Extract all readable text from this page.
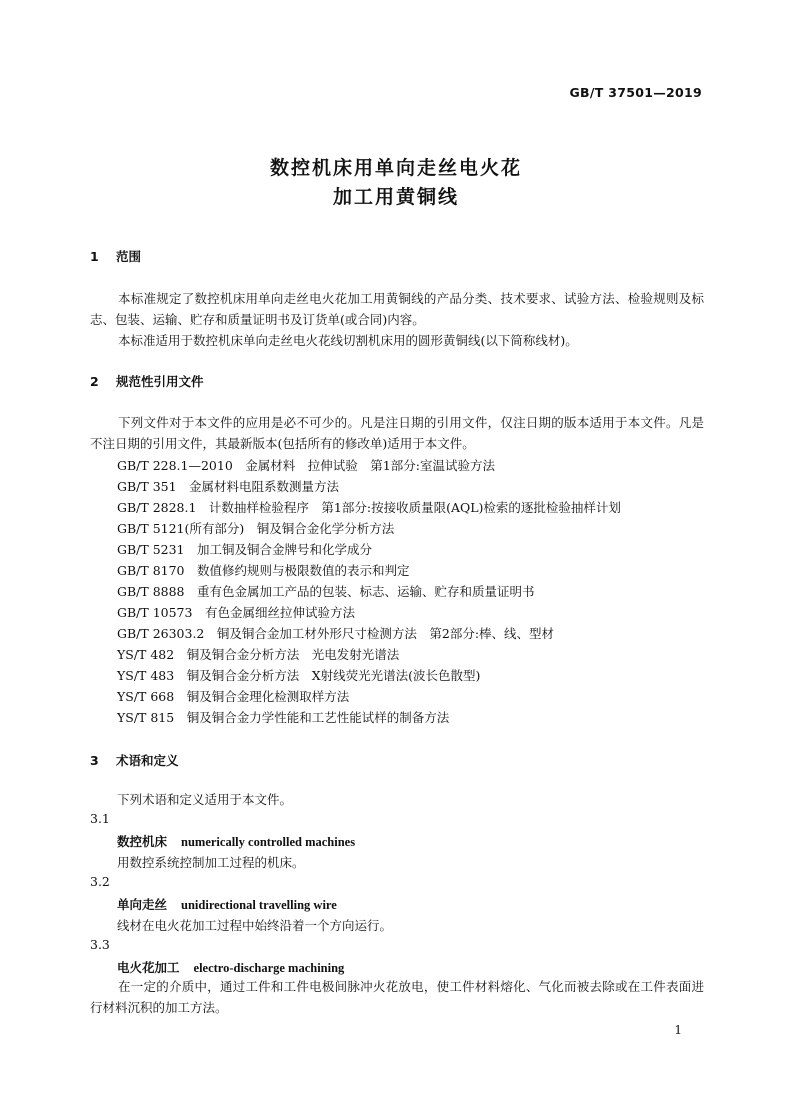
GB/T 37501—2019
数控机床用单向走丝电火花
加工用黄铜线
1 范围
本标准规定了数控机床用单向走丝电火花加工用黄铜线的产品分类、技术要求、试验方法、检验规则及标志、包装、运输、贮存和质量证明书及订货单(或合同)内容。
本标准适用于数控机床单向走丝电火花线切割机床用的圆形黄铜线(以下简称线材)。
2 规范性引用文件
下列文件对于本文件的应用是必不可少的。凡是注日期的引用文件，仅注日期的版本适用于本文件。凡是不注日期的引用文件，其最新版本(包括所有的修改单)适用于本文件。
GB/T 228.1—2010　金属材料　拉伸试验　第1部分:室温试验方法
GB/T 351　金属材料电阻系数测量方法
GB/T 2828.1　计数抽样检验程序　第1部分:按接收质量限(AQL)检索的逐批检验抽样计划
GB/T 5121(所有部分)　铜及铜合金化学分析方法
GB/T 5231　加工铜及铜合金牌号和化学成分
GB/T 8170　数值修约规则与极限数值的表示和判定
GB/T 8888　重有色金属加工产品的包装、标志、运输、贮存和质量证明书
GB/T 10573　有色金属细丝拉伸试验方法
GB/T 26303.2　铜及铜合金加工材外形尺寸检测方法　第2部分:棒、线、型材
YS/T 482　铜及铜合金分析方法　光电发射光谱法
YS/T 483　铜及铜合金分析方法　X射线荧光光谱法(波长色散型)
YS/T 668　铜及铜合金理化检测取样方法
YS/T 815　铜及铜合金力学性能和工艺性能试样的制备方法
3 术语和定义
下列术语和定义适用于本文件。
3.1
数控机床 numerically controlled machines
用数控系统控制加工过程的机床。
3.2
单向走丝 unidirectional travelling wire
线材在电火花加工过程中始终沿着一个方向运行。
3.3
电火花加工 electro-discharge machining
在一定的介质中，通过工件和工件电极间脉冲火花放电，使工件材料熔化、气化而被去除或在工件表面进行材料沉积的加工方法。
1
